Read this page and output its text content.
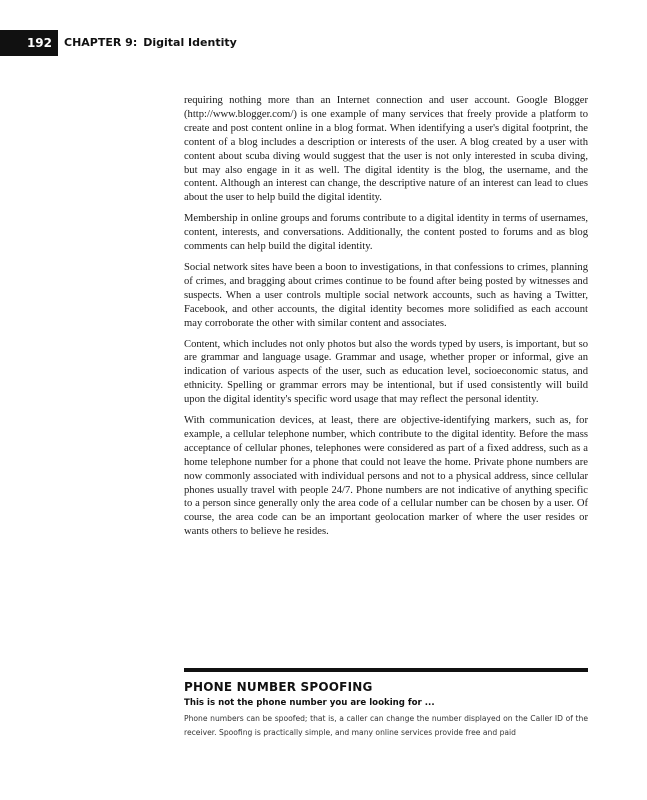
192	CHAPTER 9: Digital Identity

requiring nothing more than an Internet connection and user account. Google Blogger (http://www.blogger.com/) is one example of many services that freely provide a platform to create and post content online in a blog format. When identifying a user's digital footprint, the content of a blog includes a description or interests of the user. A blog created by a user with content about scuba diving would suggest that the user is not only interested in scuba diving, but may also engage in it as well. The digital identity is the blog, the username, and the content. Although an interest can change, the descriptive nature of an interest can lead to clues about the user to help build the digital identity.

Membership in online groups and forums contribute to a digital identity in terms of usernames, content, interests, and conversations. Additionally, the content posted to forums and as blog comments can help build the digital identity.

Social network sites have been a boon to investigations, in that confessions to crimes, planning of crimes, and bragging about crimes continue to be found after being posted by witnesses and suspects. When a user controls multiple social network accounts, such as having a Twitter, Facebook, and other accounts, the digital identity becomes more solidified as each account may corroborate the other with similar content and associates.

Content, which includes not only photos but also the words typed by users, is important, but so are grammar and language usage. Grammar and usage, whether proper or informal, give an indication of various aspects of the user, such as education level, socioeconomic status, and ethnicity. Spelling or grammar errors may be intentional, but if used consistently will build upon the digital identity's specific word usage that may reflect the personal identity.

With communication devices, at least, there are objective-identifying markers, such as, for example, a cellular telephone number, which contribute to the digital identity. Before the mass acceptance of cellular phones, telephones were considered as part of a fixed address, such as a home telephone number for a phone that could not leave the home. Private phone numbers are now commonly associated with individual persons and not to a physical address, since cellular phones usually travel with people 24/7. Phone numbers are not indicative of anything specific to a person since generally only the area code of a cellular number can be chosen by a user. Of course, the area code can be an important geolocation marker of where the user resides or wants others to believe he resides.

PHONE NUMBER SPOOFING
This is not the phone number you are looking for ...
Phone numbers can be spoofed; that is, a caller can change the number displayed on the Caller ID of the receiver. Spoofing is practically simple, and many online services provide free and paid
